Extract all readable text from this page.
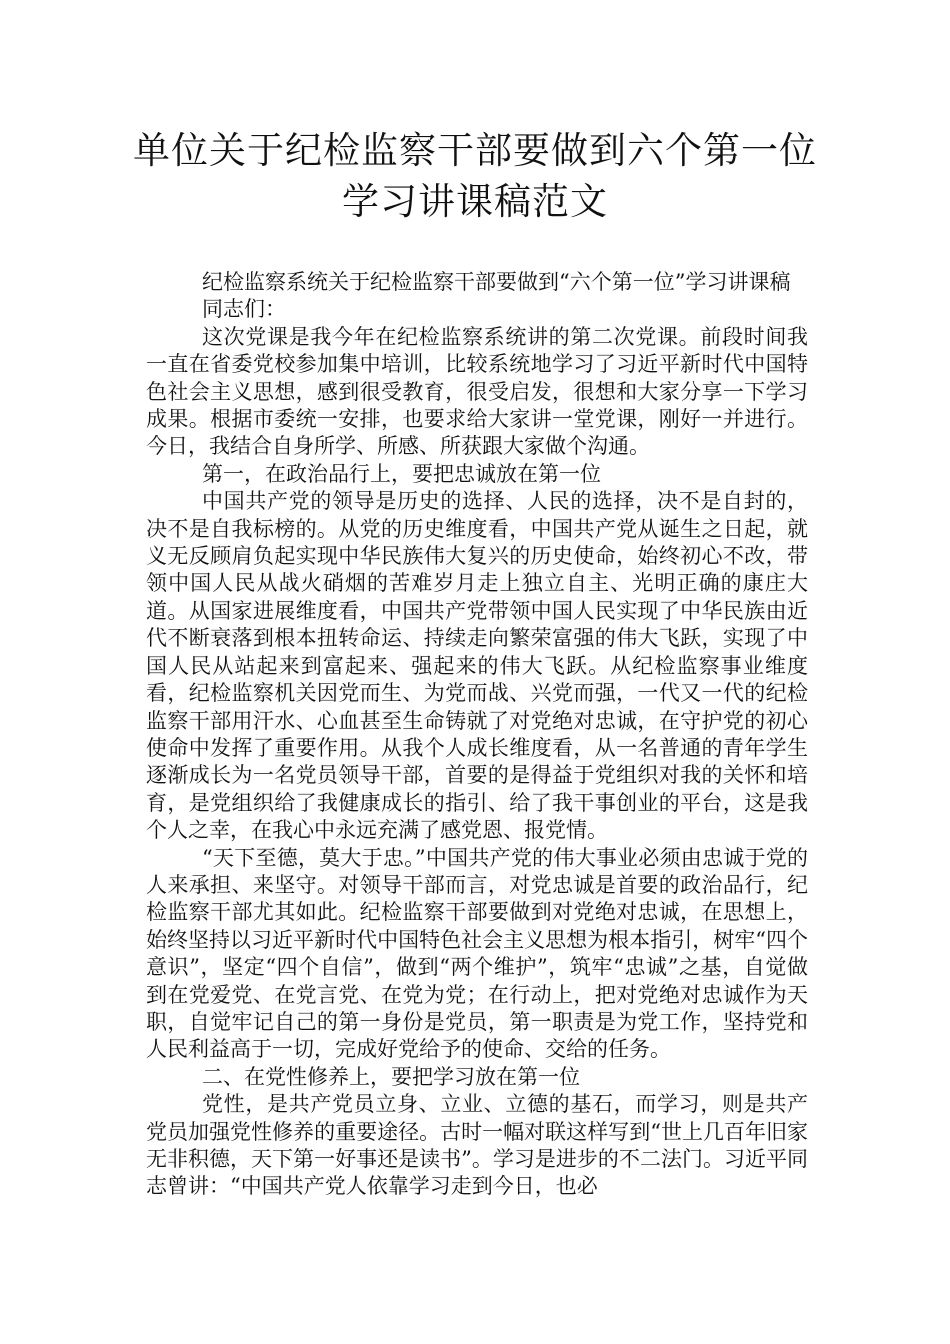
单位关于纪检监察干部要做到六个第一位
学习讲课稿范文

纪检监察系统关于纪检监察干部要做到“六个第一位”学习讲课稿

同志们：

这次党课是我今年在纪检监察系统讲的第二次党课。前段时间我一直在省委党校参加集中培训，比较系统地学习了习近平新时代中国特色社会主义思想，感到很受教育，很受启发，很想和大家分享一下学习成果。根据市委统一安排，也要求给大家讲一堂党课，刚好一并进行。今日，我结合自身所学、所感、所获跟大家做个沟通。

第一，在政治品行上，要把忠诚放在第一位

中国共产党的领导是历史的选择、人民的选择，决不是自封的，决不是自我标榜的。从党的历史维度看，中国共产党从诞生之日起，就义无反顾肩负起实现中华民族伟大复兴的历史使命，始终初心不改，带领中国人民从战火硝烟的苦难岁月走上独立自主、光明正确的康庄大道。从国家进展维度看，中国共产党带领中国人民实现了中华民族由近代不断衰落到根本扭转命运、持续走向繁荣富强的伟大飞跃，实现了中国人民从站起来到富起来、强起来的伟大飞跃。从纪检监察事业维度看，纪检监察机关因党而生、为党而战、兴党而强，一代又一代的纪检监察干部用汗水、心血甚至生命铸就了对党绝对忠诚，在守护党的初心使命中发挥了重要作用。从我个人成长维度看，从一名普通的青年学生逐渐成长为一名党员领导干部，首要的是得益于党组织对我的关怀和培育，是党组织给了我健康成长的指引、给了我干事创业的平台，这是我个人之幸，在我心中永远充满了感党恩、报党情。

“天下至德，莫大于忠。”中国共产党的伟大事业必须由忠诚于党的人来承担、来坚守。对领导干部而言，对党忠诚是首要的政治品行，纪检监察干部尤其如此。纪检监察干部要做到对党绝对忠诚，在思想上，始终坚持以习近平新时代中国特色社会主义思想为根本指引，树牢“四个意识”，坚定“四个自信”，做到“两个维护”，筑牢“忠诚”之基，自觉做到在党爱党、在党言党、在党为党；在行动上，把对党绝对忠诚作为天职，自觉牢记自己的第一身份是党员，第一职责是为党工作，坚持党和人民利益高于一切，完成好党给予的使命、交给的任务。

二、在党性修养上，要把学习放在第一位

党性，是共产党员立身、立业、立德的基石，而学习，则是共产党员加强党性修养的重要途径。古时一幅对联这样写到“世上几百年旧家无非积德，天下第一好事还是读书”。学习是进步的不二法门。习近平同志曾讲：“中国共产党人依靠学习走到今日，也必
